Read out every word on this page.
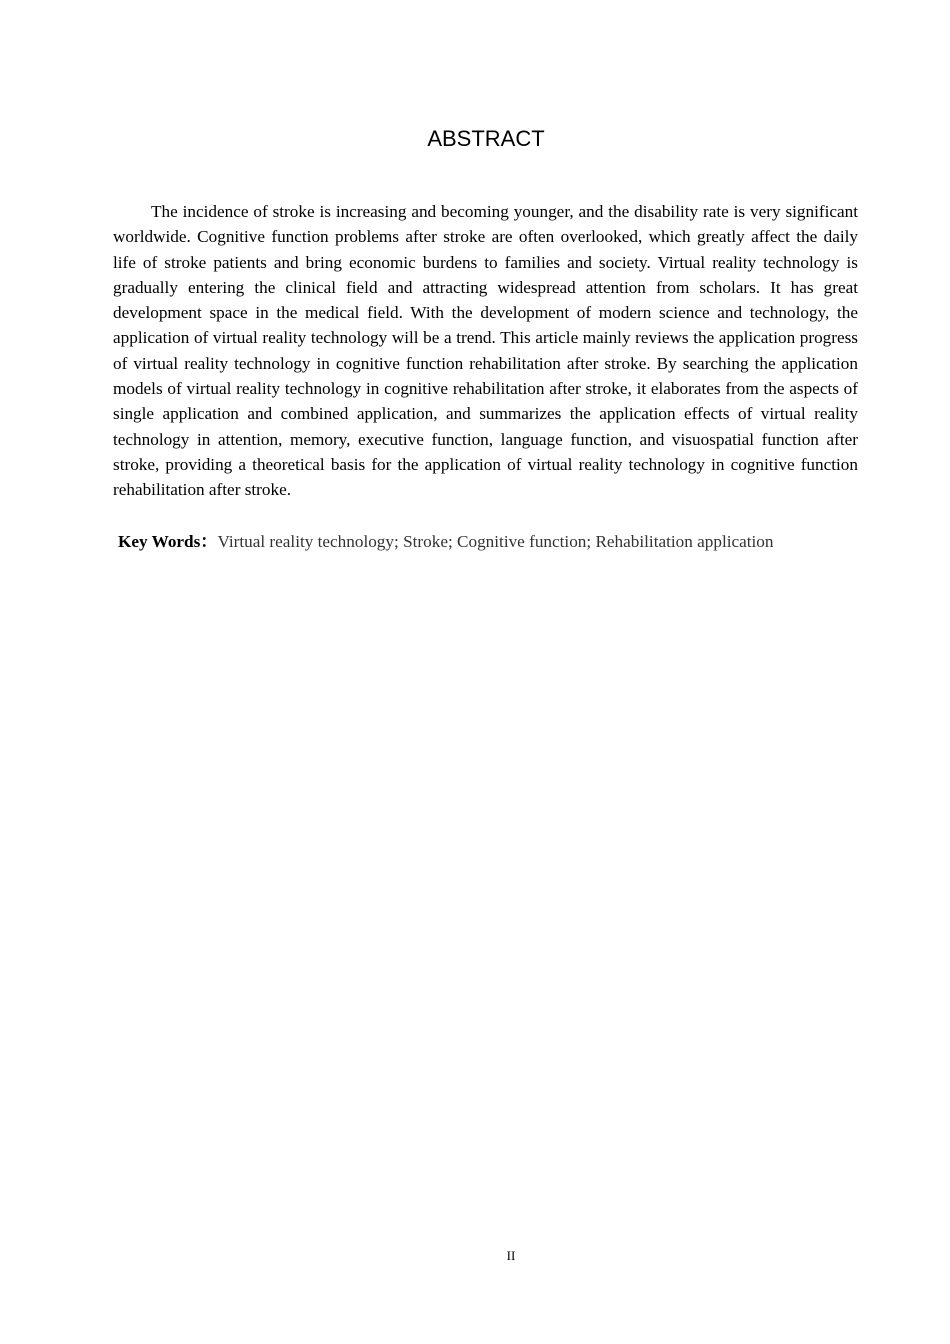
ABSTRACT

The incidence of stroke is increasing and becoming younger, and the disability rate is very significant worldwide. Cognitive function problems after stroke are often overlooked, which greatly affect the daily life of stroke patients and bring economic burdens to families and society. Virtual reality technology is gradually entering the clinical field and attracting widespread attention from scholars. It has great development space in the medical field. With the development of modern science and technology, the application of virtual reality technology will be a trend. This article mainly reviews the application progress of virtual reality technology in cognitive function rehabilitation after stroke. By searching the application models of virtual reality technology in cognitive rehabilitation after stroke, it elaborates from the aspects of single application and combined application, and summarizes the application effects of virtual reality technology in attention, memory, executive function, language function, and visuospatial function after stroke, providing a theoretical basis for the application of virtual reality technology in cognitive function rehabilitation after stroke.

Key Words：Virtual reality technology; Stroke; Cognitive function; Rehabilitation application

II
